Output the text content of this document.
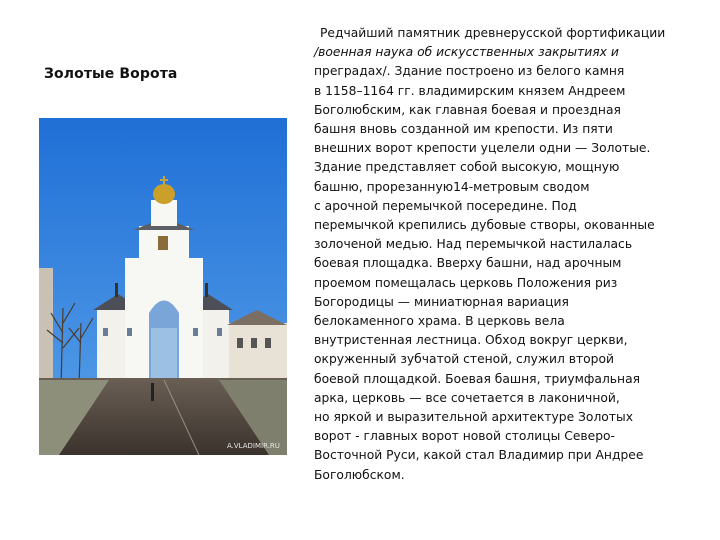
Золотые Ворота
A.VLADIMIR.RU
Редчайший памятник древнерусской фортификации
/военная наука об искусственных закрытиях и
преградах/. Здание построено из белого камня
в 1158–1164 гг. владимирским князем Андреем
Боголюбским, как главная боевая и проездная
башня вновь созданной им крепости. Из пяти
внешних ворот крепости уцелели одни — Золотые.
Здание представляет собой высокую, мощную
башню, прорезанную14-метровым сводом
с арочной перемычкой посередине. Под
перемычкой крепились дубовые створы, окованные
золоченой медью. Над перемычкой настилалась
боевая площадка. Вверху башни, над арочным
проемом помещалась церковь Положения риз
Богородицы — миниатюрная вариация
белокаменного храма. В церковь вела
внутристенная лестница. Обход вокруг церкви,
окруженный зубчатой стеной, служил второй
боевой площадкой. Боевая башня, триумфальная
арка, церковь — все сочетается в лаконичной,
но яркой и выразительной архитектуре Золотых
ворот - главных ворот новой столицы Северо-
Восточной Руси, какой стал Владимир при Андрее
Боголюбском.
